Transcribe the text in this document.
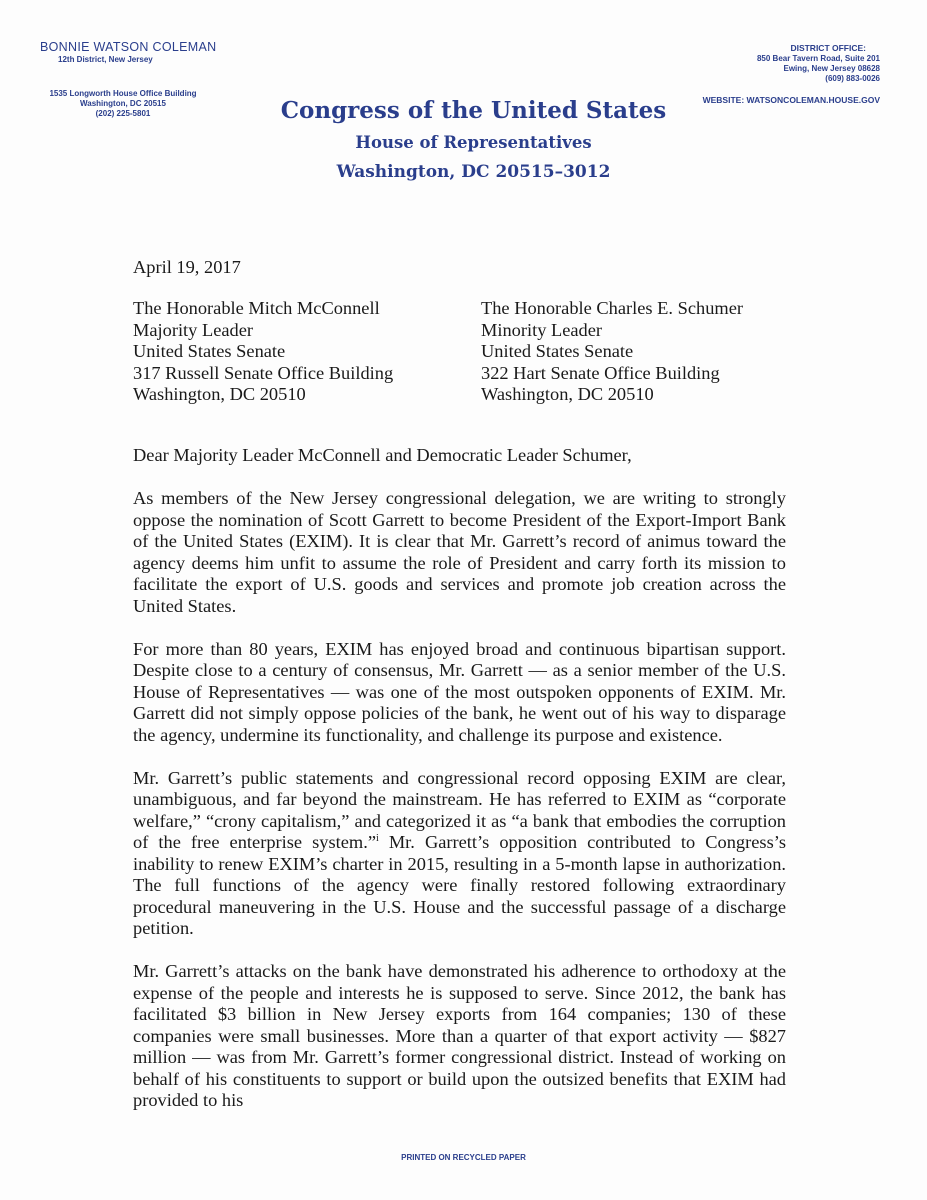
BONNIE WATSON COLEMAN
12th District, New Jersey
1535 Longworth House Office Building
Washington, DC 20515
(202) 225-5801
DISTRICT OFFICE:
850 Bear Tavern Road, Suite 201
Ewing, New Jersey 08628
(609) 883-0026
WEBSITE: WATSONCOLEMAN.HOUSE.GOV
Congress of the United States
House of Representatives
Washington, DC 20515–3012
April 19, 2017
The Honorable Mitch McConnell
Majority Leader
United States Senate
317 Russell Senate Office Building
Washington, DC 20510
The Honorable Charles E. Schumer
Minority Leader
United States Senate
322 Hart Senate Office Building
Washington, DC 20510
Dear Majority Leader McConnell and Democratic Leader Schumer,

As members of the New Jersey congressional delegation, we are writing to strongly oppose the nomination of Scott Garrett to become President of the Export-Import Bank of the United States (EXIM). It is clear that Mr. Garrett’s record of animus toward the agency deems him unfit to assume the role of President and carry forth its mission to facilitate the export of U.S. goods and services and promote job creation across the United States.

For more than 80 years, EXIM has enjoyed broad and continuous bipartisan support. Despite close to a century of consensus, Mr. Garrett — as a senior member of the U.S. House of Representatives — was one of the most outspoken opponents of EXIM. Mr. Garrett did not simply oppose policies of the bank, he went out of his way to disparage the agency, undermine its functionality, and challenge its purpose and existence.

Mr. Garrett’s public statements and congressional record opposing EXIM are clear, unambiguous, and far beyond the mainstream. He has referred to EXIM as “corporate welfare,” “crony capitalism,” and categorized it as “a bank that embodies the corruption of the free enterprise system.”$^i$ Mr. Garrett’s opposition contributed to Congress’s inability to renew EXIM’s charter in 2015, resulting in a 5-month lapse in authorization. The full functions of the agency were finally restored following extraordinary procedural maneuvering in the U.S. House and the successful passage of a discharge petition.

Mr. Garrett’s attacks on the bank have demonstrated his adherence to orthodoxy at the expense of the people and interests he is supposed to serve. Since 2012, the bank has facilitated $3 billion in New Jersey exports from 164 companies; 130 of these companies were small businesses. More than a quarter of that export activity — $827 million — was from Mr. Garrett’s former congressional district. Instead of working on behalf of his constituents to support or build upon the outsized benefits that EXIM had provided to his

PRINTED ON RECYCLED PAPER
